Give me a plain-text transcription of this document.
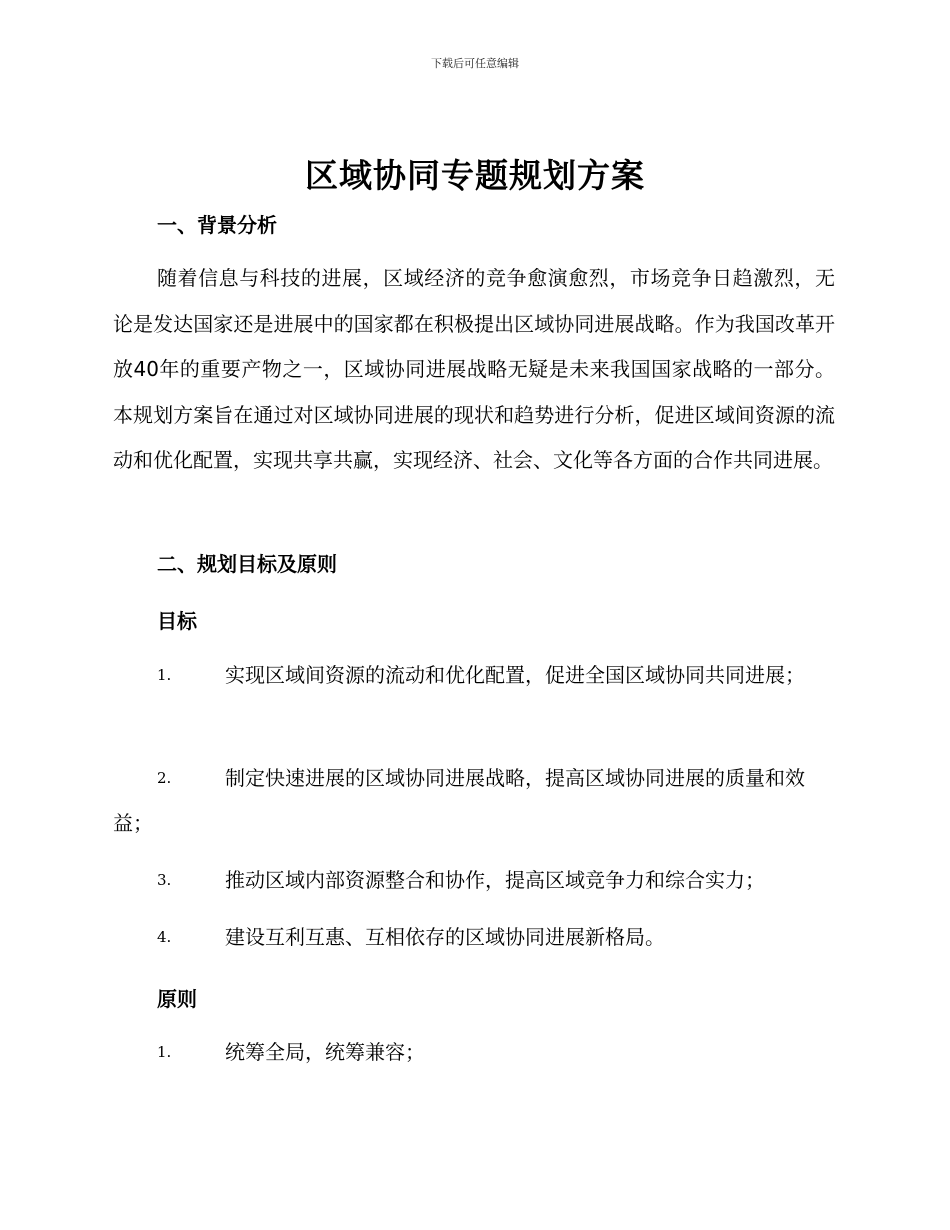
下载后可任意编辑
区域协同专题规划方案
一、背景分析

随着信息与科技的进展，区域经济的竞争愈演愈烈，市场竞争日趋激烈，无论是发达国家还是进展中的国家都在积极提出区域协同进展战略。作为我国改革开放40年的重要产物之一，区域协同进展战略无疑是未来我国国家战略的一部分。本规划方案旨在通过对区域协同进展的现状和趋势进行分析，促进区域间资源的流动和优化配置，实现共享共赢，实现经济、社会、文化等各方面的合作共同进展。

二、规划目标及原则
目标
1.	实现区域间资源的流动和优化配置，促进全国区域协同共同进展；
2.	制定快速进展的区域协同进展战略，提高区域协同进展的质量和效益；
3.	推动区域内部资源整合和协作，提高区域竞争力和综合实力；
4.	建设互利互惠、互相依存的区域协同进展新格局。
原则
1.	统筹全局，统筹兼容；
